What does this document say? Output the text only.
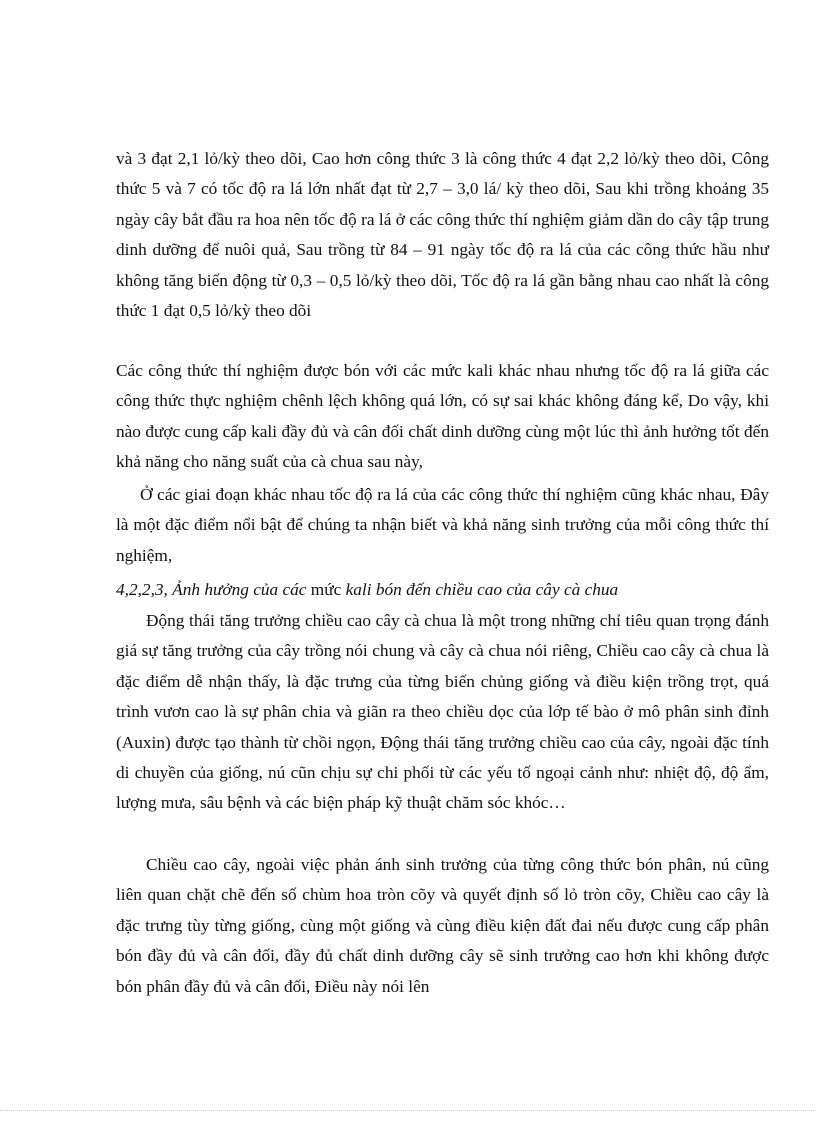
và 3 đạt 2,1 lỏ/kỳ theo dõi, Cao hơn công thức 3 là công thức 4 đạt 2,2 lỏ/kỳ theo dõi, Công thức 5 và 7 có tốc độ ra lá lớn nhất đạt từ 2,7 – 3,0 lá/ kỳ theo dõi, Sau khi trồng khoảng 35 ngày cây bắt đầu ra hoa nên tốc độ ra lá ở các công thức thí nghiệm giảm dần do cây tập trung dinh dưỡng để nuôi quả, Sau trồng từ 84 – 91 ngày tốc độ ra lá của các công thức hầu như không tăng biến động từ 0,3 – 0,5 lỏ/kỳ theo dõi, Tốc độ ra lá gần bằng nhau cao nhất là công thức 1 đạt 0,5 lỏ/kỳ theo dõi

Các công thức thí nghiệm được bón với các mức kali khác nhau nhưng tốc độ ra lá giữa các công thức thực nghiệm chênh lệch không quá lớn, có sự sai khác không đáng kể, Do vậy, khi nào được cung cấp kali đầy đủ và cân đối chất dinh dưỡng cùng một lúc thì ảnh hưởng tốt đến khả năng cho năng suất của cà chua sau này,

Ở các giai đoạn khác nhau tốc độ ra lá của các công thức thí nghiệm cũng khác nhau, Đây là một đặc điểm nổi bật để chúng ta nhận biết và khả năng sinh trưởng của mỗi công thức thí nghiệm,

4,2,2,3, Ảnh hưởng của các mức kali bón đến chiều cao của cây cà chua

Động thái tăng trưởng chiều cao cây cà chua là một trong những chỉ tiêu quan trọng đánh giá sự tăng trưởng của cây trồng nói chung và cây cà chua nói riêng, Chiều cao cây cà chua là đặc điểm dễ nhận thấy, là đặc trưng của từng biến chủng giống và điều kiện trồng trọt, quá trình vươn cao là sự phân chia và giãn ra theo chiều dọc của lớp tế bào ở mô phân sinh đỉnh (Auxin) được tạo thành từ chồi ngọn, Động thái tăng trưởng chiều cao của cây, ngoài đặc tính di chuyền của giống, nú cũn chịu sự chi phối từ các yếu tố ngoại cảnh như: nhiệt độ, độ ẩm, lượng mưa, sâu bệnh và các biện pháp kỹ thuật chăm sóc khóc…

Chiều cao cây, ngoài việc phản ánh sinh trưởng của từng công thức bón phân, nú cũng liên quan chặt chẽ đến số chùm hoa tròn cõy và quyết định số lỏ tròn cõy, Chiều cao cây là đặc trưng tùy từng giống, cùng một giống và cùng điều kiện đất đai nếu được cung cấp phân bón đầy đủ và cân đối, đầy đủ chất dinh dưỡng cây sẽ sinh trưởng cao hơn khi không được bón phân đầy đủ và cân đối, Điều này nói lên
